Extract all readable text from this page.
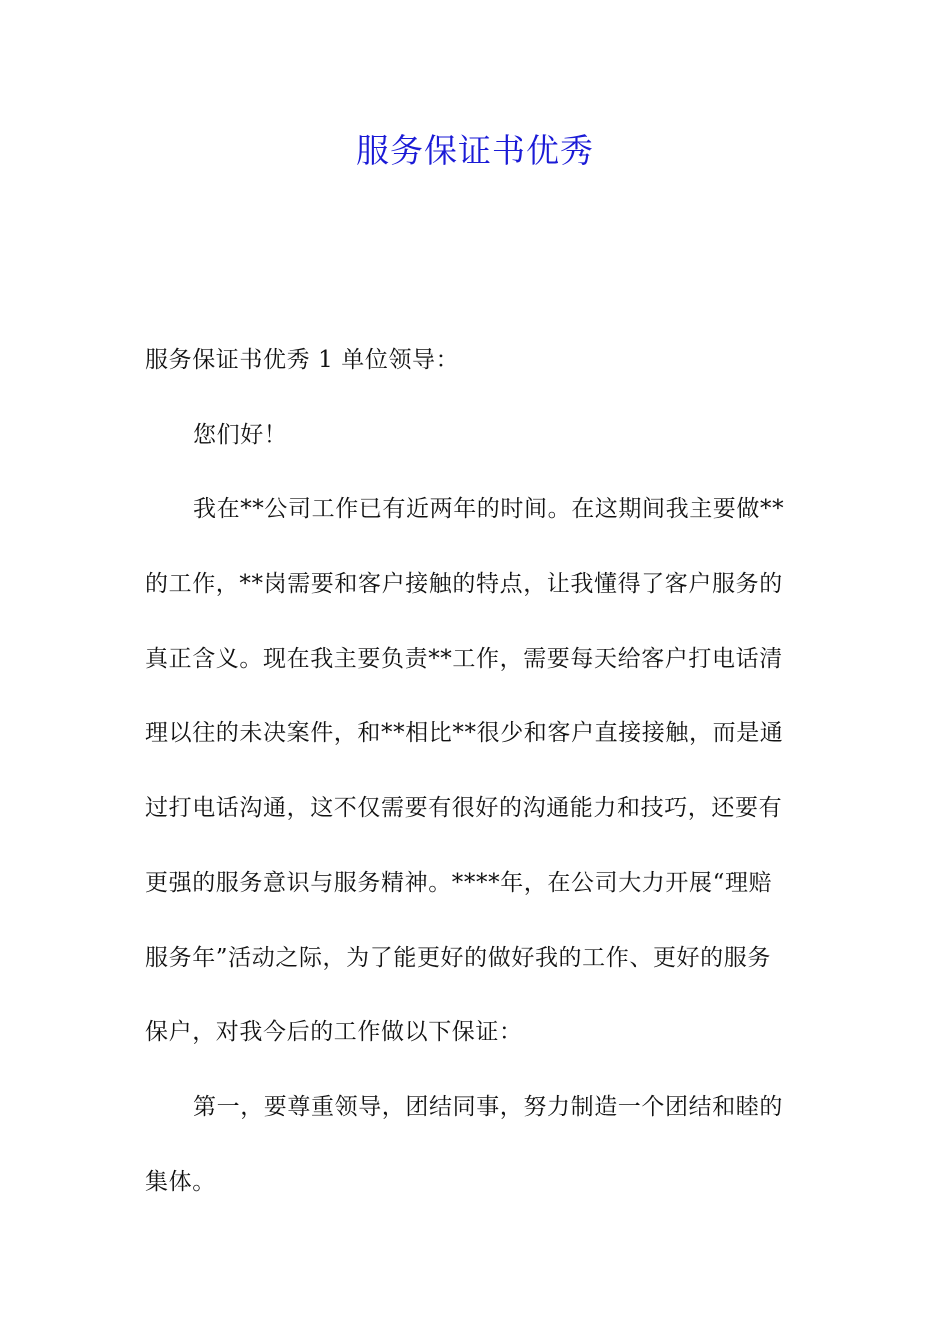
服务保证书优秀
服务保证书优秀 1 单位领导：
您们好！
我在**公司工作已有近两年的时间。在这期间我主要做**
的工作，**岗需要和客户接触的特点，让我懂得了客户服务的
真正含义。现在我主要负责**工作，需要每天给客户打电话清
理以往的未决案件，和**相比**很少和客户直接接触，而是通
过打电话沟通，这不仅需要有很好的沟通能力和技巧，还要有
更强的服务意识与服务精神。****年，在公司大力开展“理赔
服务年”活动之际，为了能更好的做好我的工作、更好的服务
保户，对我今后的工作做以下保证：
第一，要尊重领导，团结同事，努力制造一个团结和睦的
集体。
